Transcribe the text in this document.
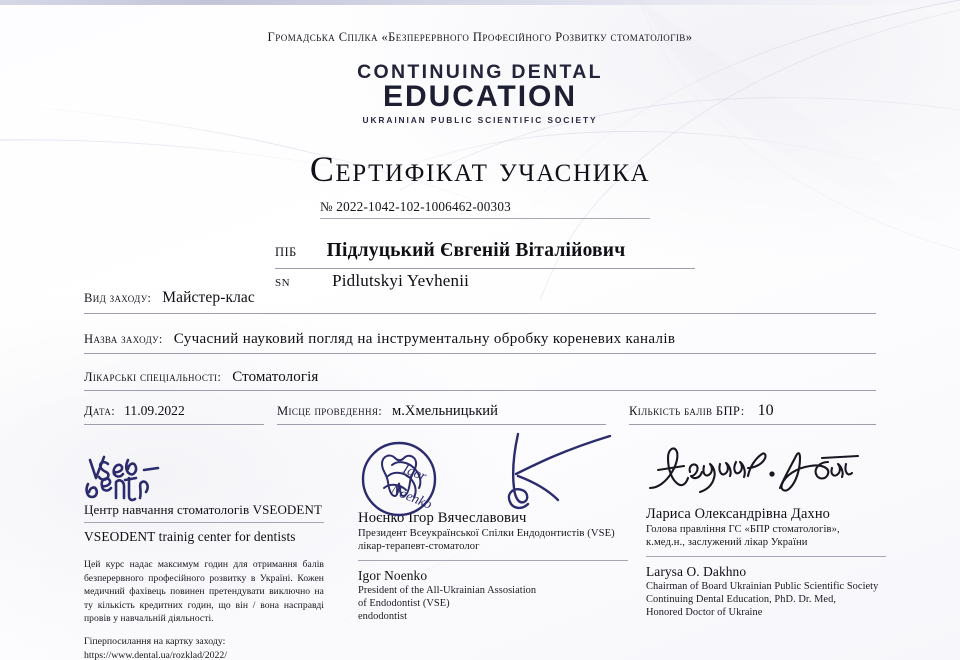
Громадська Спілка «Безперервного Професійного Розвитку стоматологів»
CONTINUING DENTAL
EDUCATION
UKRAINIAN PUBLIC SCIENTIFIC SOCIETY
Сертифікат учасника
№ 2022-1042-102-1006462-00303
ПІБ Підлуцький Євгеній Віталійович
SN Pidlutskyi Yevhenii
Вид заходу: Майстер-клас
Назва заходу: Сучасний науковий погляд на інструментальну обробку кореневих каналів
Лікарські спеціальності: Стоматологія
Дата: 11.09.2022	Місце проведення: м.Хмельницький	Кількість балів БПР: 10
Центр навчання стоматологів VSEODENT
VSEODENT trainig center for dentists
Цей курс надає максимум годин для отримання балів безперервного професійного розвитку в Україні. Кожен медичний фахівець повинен претендувати виключно на ту кількість кредитних годин, що він / вона насправді провів у навчальній діяльності.
Гіперпосилання на картку заходу:
https://www.dental.ua/rozklad/2022/
Igor
Noenko
Ноєнко Ігор Вячеславович
Президент Всеукраїнської Спілки Ендодонтистів (VSE)
лікар-терапевт-стоматолог
Igor Noenko
President of the All-Ukrainian Assosiation
of Endodontist (VSE)
endodontist
Лариса Олександрівна Дахно
Голова правління ГС «БПР стоматологів»,
к.мед.н., заслужений лікар України
Larysa O. Dakhno
Chairman of Board Ukrainian Public Scientific Society
Continuing Dental Education, PhD. Dr. Med,
Honored Doctor of Ukraine
